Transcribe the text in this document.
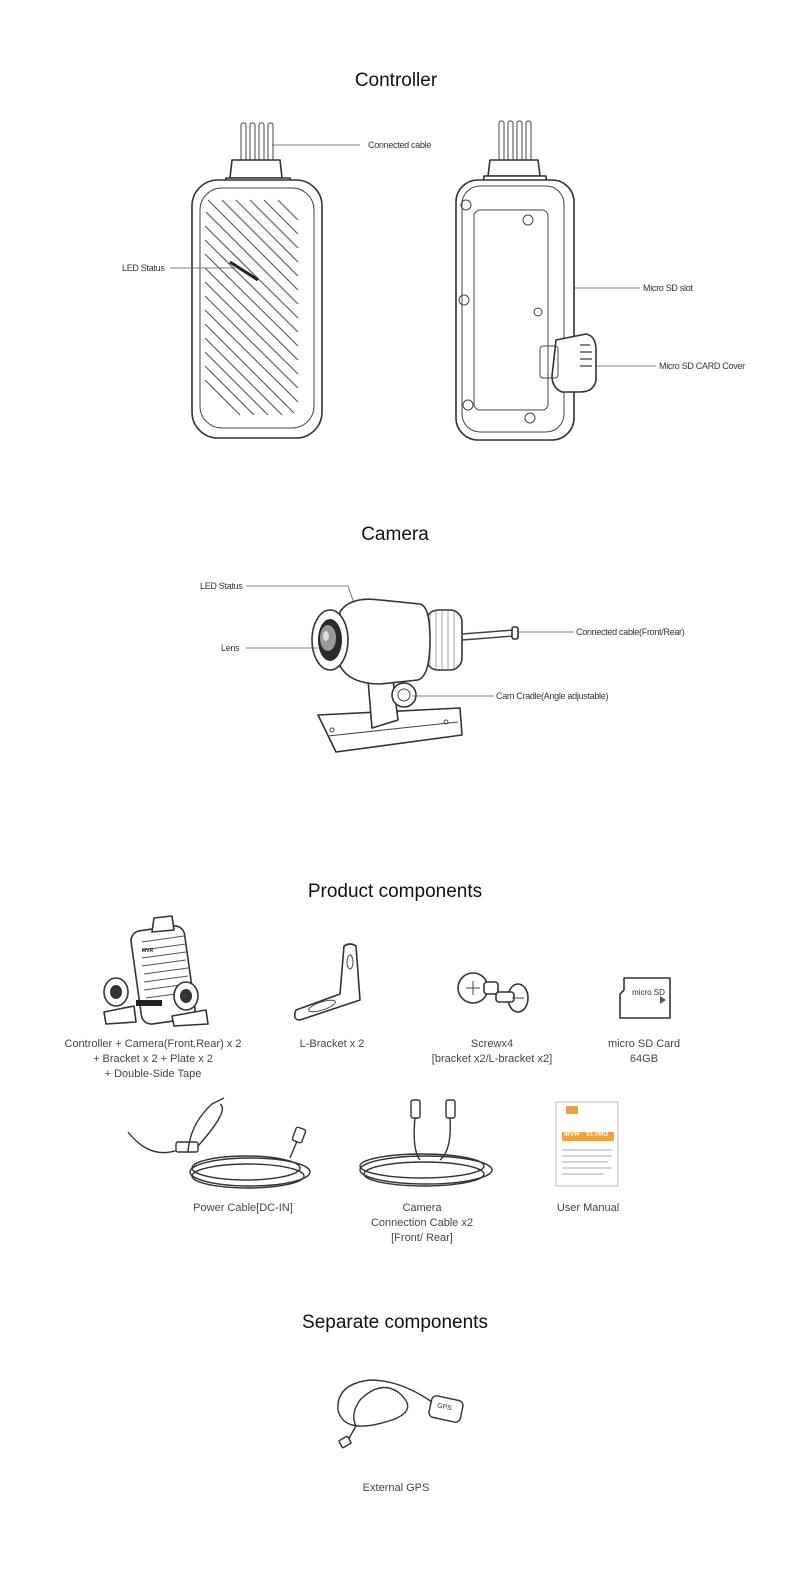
Controller
Connected cable
LED Status
Micro SD slot
Micro SD CARD Cover
Camera
LED Status
Lens
Connected cable(Front/Rear)
Cam Cradle(Angle adjustable)
Product components
MVR
micro SD
MVR S1 PRO
Controller + Camera(Front,Rear) x 2
+ Bracket x 2 + Plate x 2
+ Double-Side Tape
L-Bracket x 2	Screwx4
[bracket x2/L-bracket x2]
micro SD Card
64GB
Power Cable[DC-IN]	Camera
Connection Cable x2
[Front/ Rear]
User Manual
Separate components
GPS
External GPS
